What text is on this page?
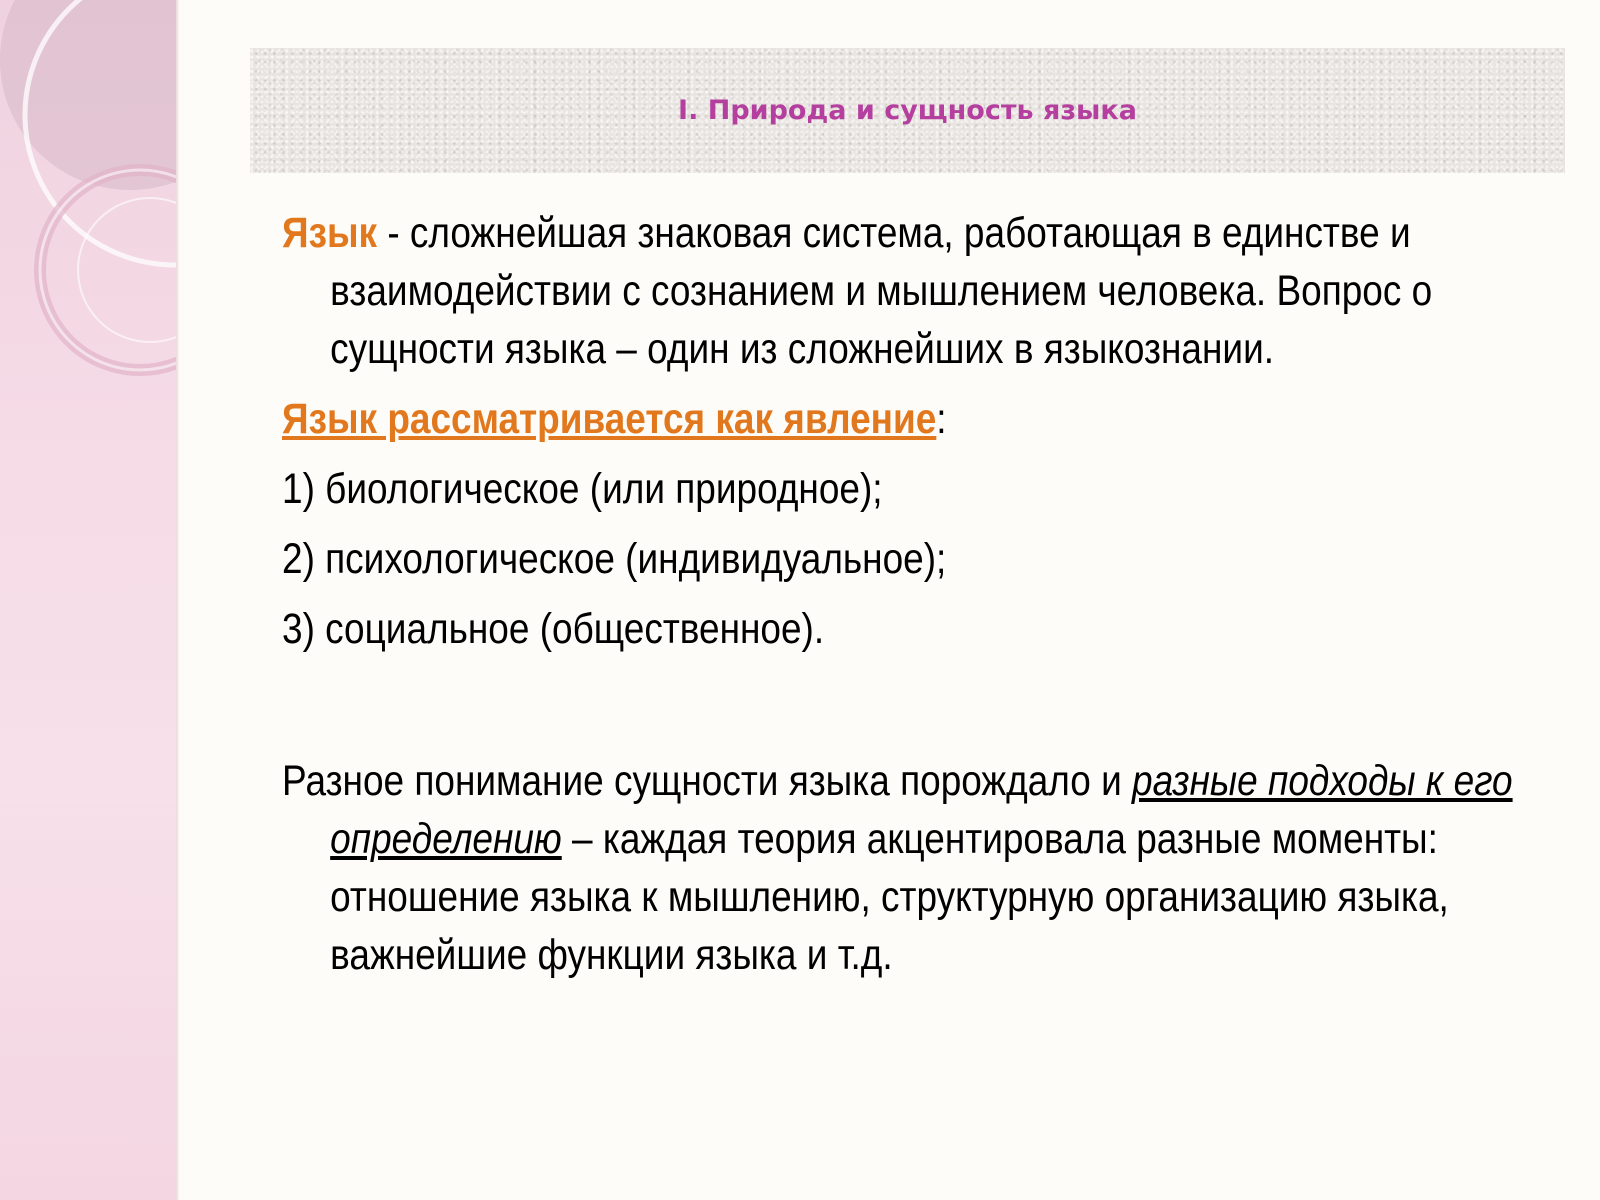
I. Природа и сущность языка

Язык - сложнейшая знаковая система, работающая в единстве и взаимодействии с сознанием и мышлением человека. Вопрос о сущности языка – один из сложнейших в языкознании.

Язык рассматривается как явление:

1) биологическое (или природное);

2) психологическое (индивидуальное);

3) социальное (общественное).

Разное понимание сущности языка порождало и разные подходы к его определению – каждая теория акцентировала разные моменты: отношение языка к мышлению, структурную организацию языка, важнейшие функции языка и т.д.
